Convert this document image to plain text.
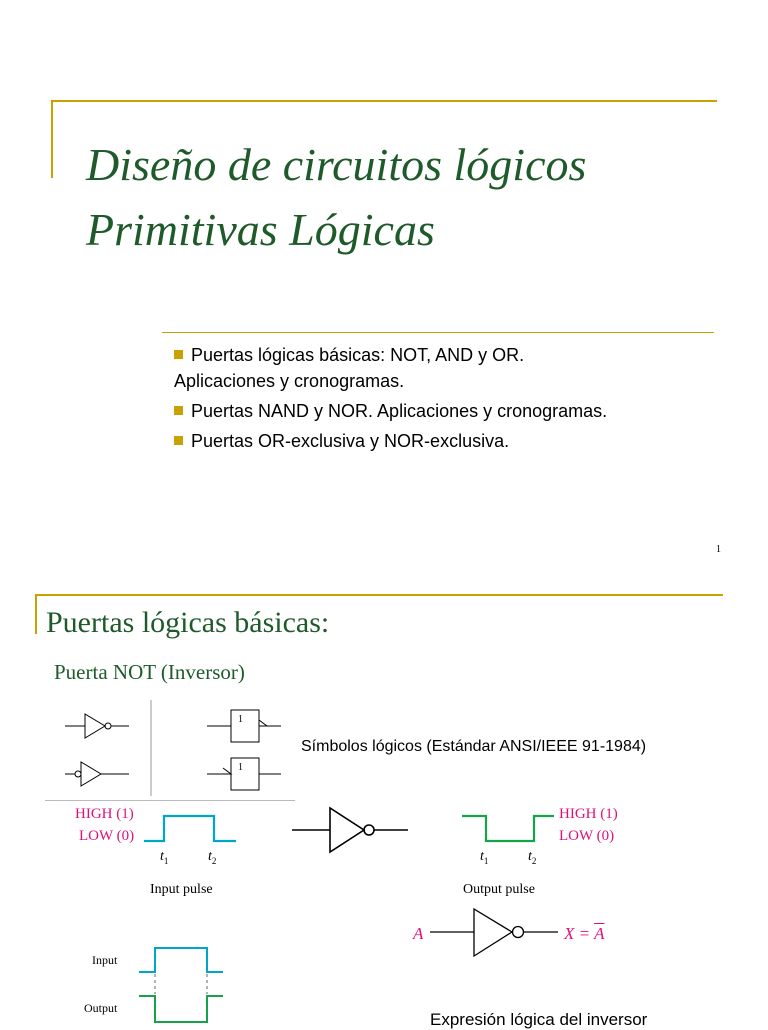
Diseño de circuitos lógicos
Primitivas Lógicas
Puertas lógicas básicas: NOT, AND y OR.
Aplicaciones y cronogramas.
Puertas NAND y NOR. Aplicaciones y cronogramas.
Puertas OR-exclusiva y NOR-exclusiva.
1
Puertas lógicas básicas:
Puerta NOT (Inversor)
1
1
Símbolos lógicos (Estándar ANSI/IEEE 91-1984)
HIGH (1)
LOW (0)
$t_1$	$t_2$
Input pulse
HIGH (1)
LOW (0)
$t_1$	$t_2$
Output pulse
A	$X = \overline{A}$
Input
Output
Expresión lógica del inversor
